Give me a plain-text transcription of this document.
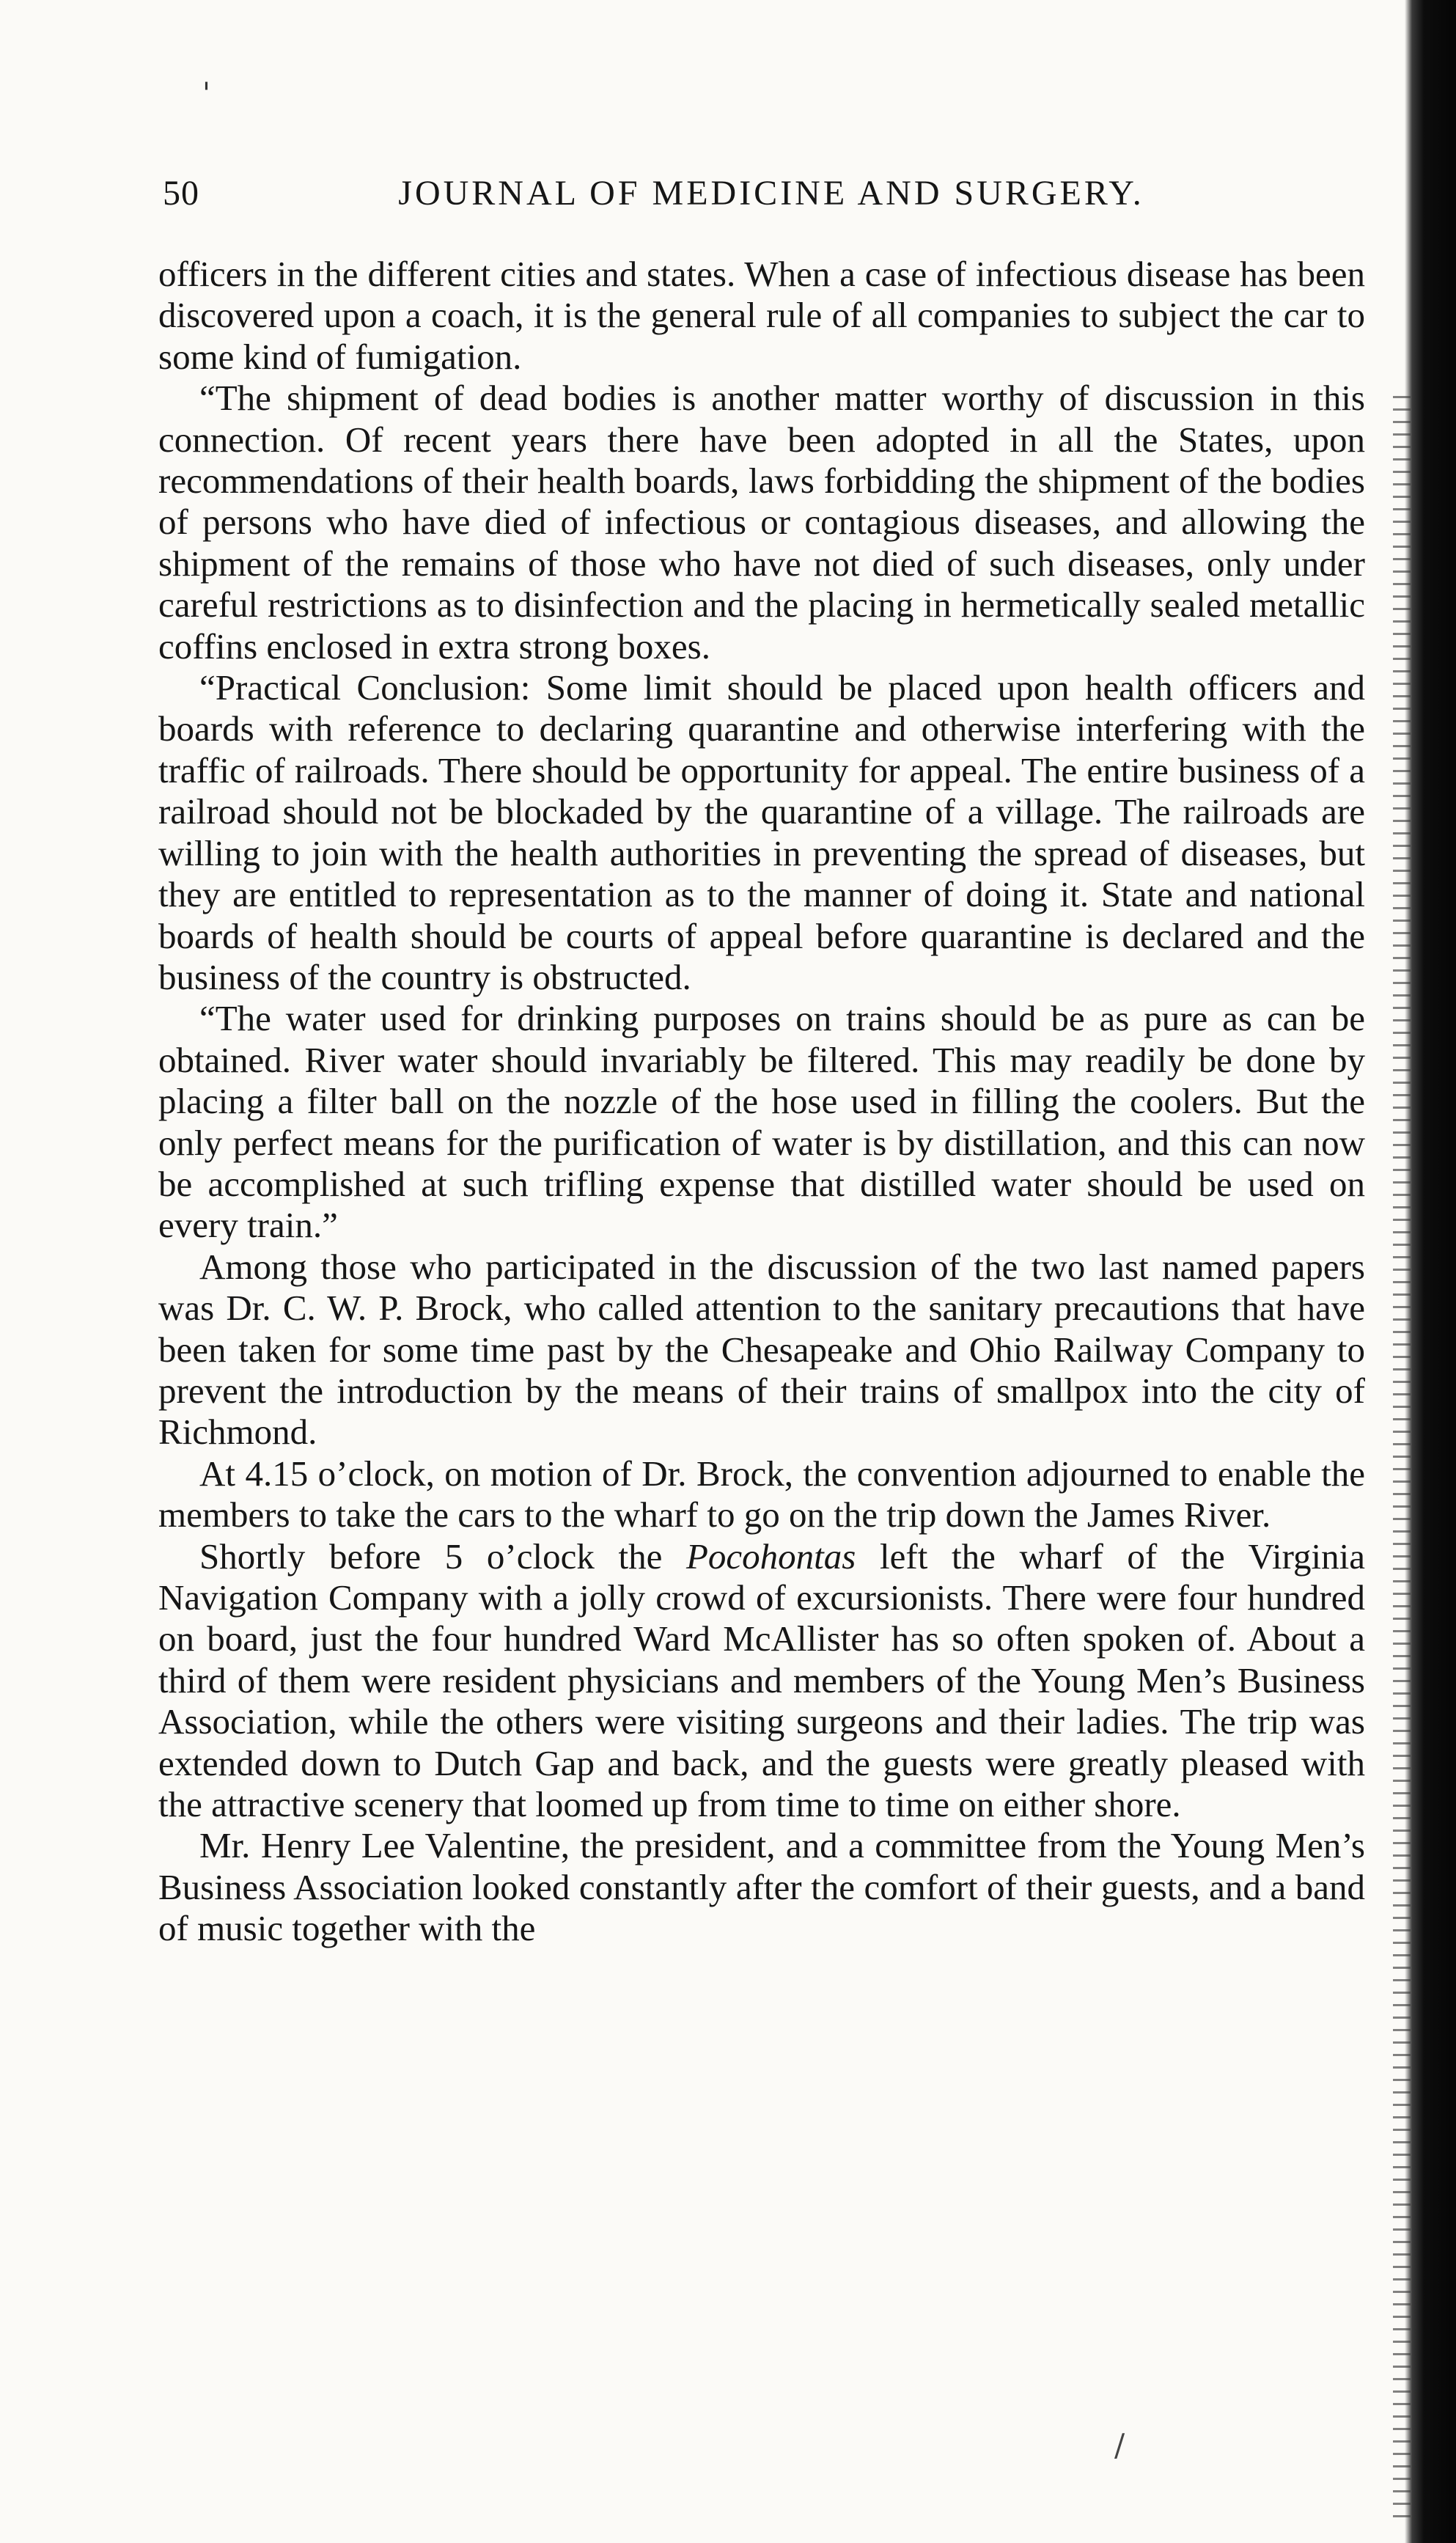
'
50	JOURNAL OF MEDICINE AND SURGERY.

officers in the different cities and states. When a case of infectious disease has been discovered upon a coach, it is the general rule of all companies to subject the car to some kind of fumigation.

“The shipment of dead bodies is another matter worthy of discussion in this connection. Of recent years there have been adopted in all the States, upon recommendations of their health boards, laws forbidding the shipment of the bodies of persons who have died of infectious or contagious diseases, and allowing the shipment of the remains of those who have not died of such diseases, only under careful restrictions as to disinfection and the placing in hermetically sealed metallic coffins enclosed in extra strong boxes.

“Practical Conclusion: Some limit should be placed upon health officers and boards with reference to declaring quarantine and otherwise interfering with the traffic of railroads. There should be opportunity for appeal. The entire business of a railroad should not be blockaded by the quarantine of a village. The railroads are willing to join with the health authorities in preventing the spread of diseases, but they are entitled to representation as to the manner of doing it. State and national boards of health should be courts of appeal before quarantine is declared and the business of the country is obstructed.

“The water used for drinking purposes on trains should be as pure as can be obtained. River water should invariably be filtered. This may readily be done by placing a filter ball on the nozzle of the hose used in filling the coolers. But the only perfect means for the purification of water is by distillation, and this can now be accomplished at such trifling expense that distilled water should be used on every train.”

Among those who participated in the discussion of the two last named papers was Dr. C. W. P. Brock, who called attention to the sanitary precautions that have been taken for some time past by the Chesapeake and Ohio Railway Company to prevent the introduction by the means of their trains of smallpox into the city of Richmond.

At 4.15 o’clock, on motion of Dr. Brock, the convention adjourned to enable the members to take the cars to the wharf to go on the trip down the James River.

Shortly before 5 o’clock the Pocohontas left the wharf of the Virginia Navigation Company with a jolly crowd of excursionists. There were four hundred on board, just the four hundred Ward McAllister has so often spoken of. About a third of them were resident physicians and members of the Young Men’s Business Association, while the others were visiting surgeons and their ladies. The trip was extended down to Dutch Gap and back, and the guests were greatly pleased with the attractive scenery that loomed up from time to time on either shore.

Mr. Henry Lee Valentine, the president, and a committee from the Young Men’s Business Association looked constantly after the comfort of their guests, and a band of music together with the

/
